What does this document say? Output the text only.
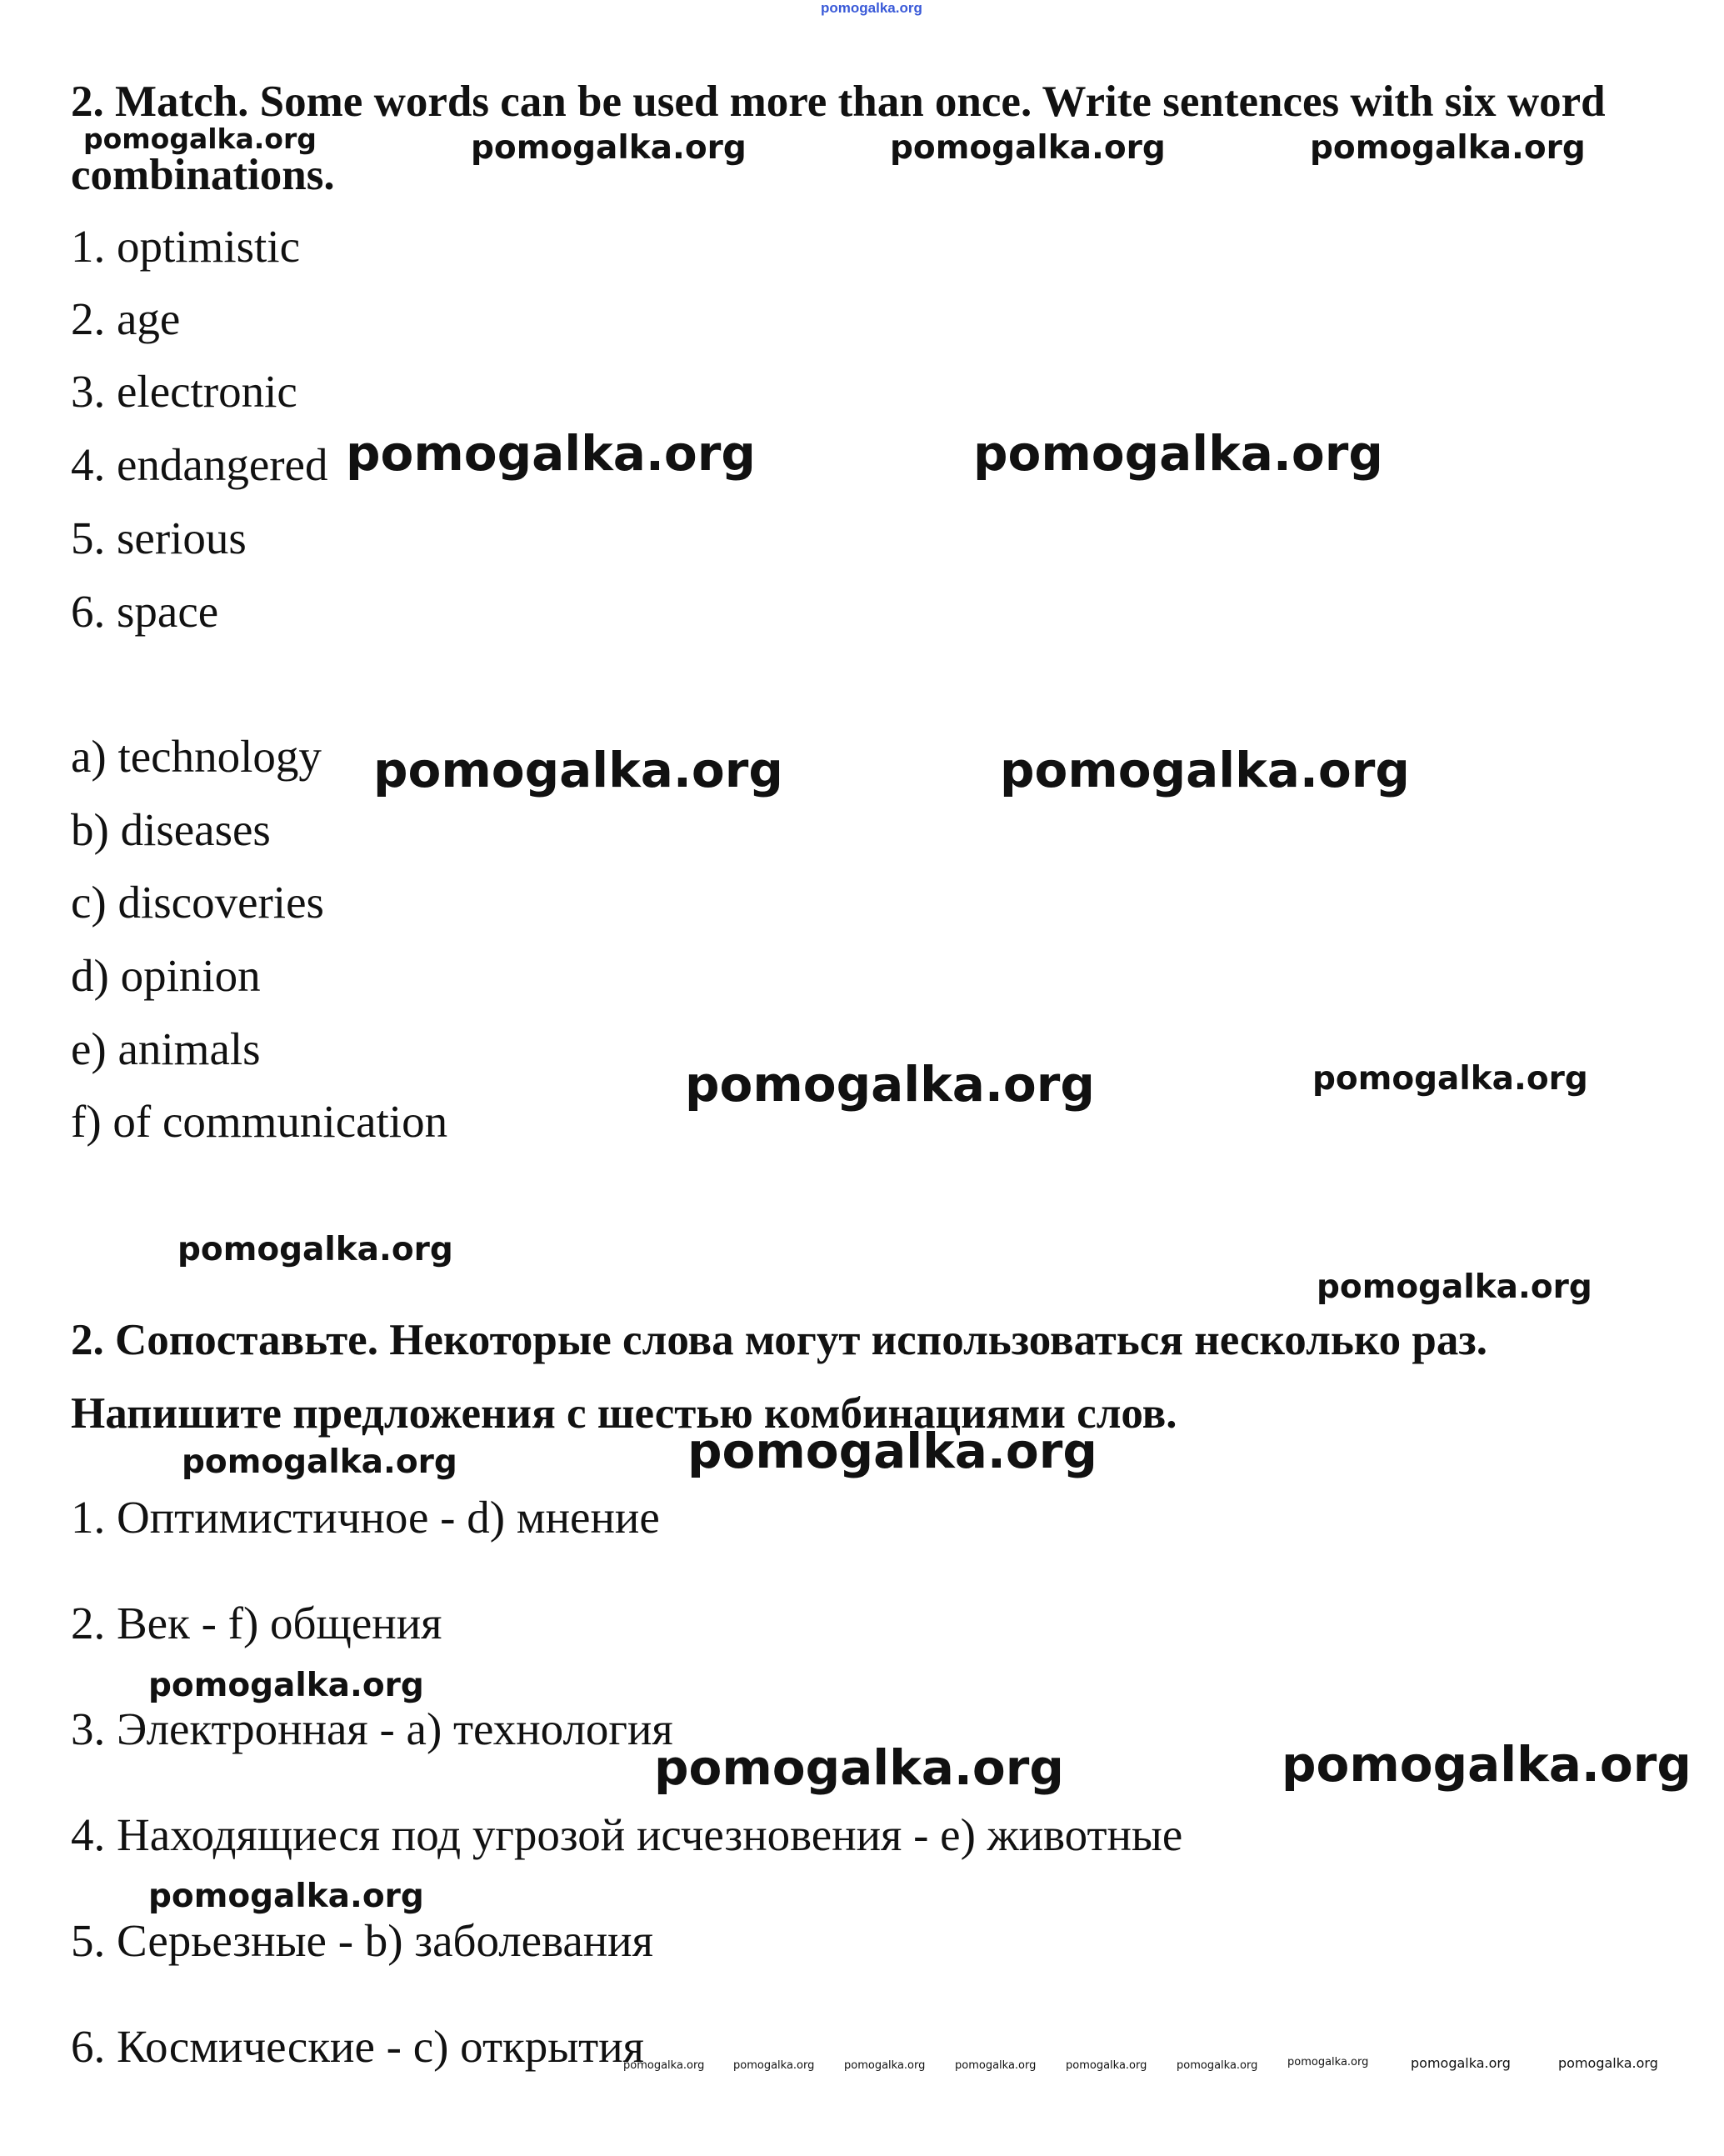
pomogalka.org

2. Match. Some words can be used more than once. Write sentences with six word combinations.

1. optimistic
2. age
3. electronic
4. endangered
5. serious
6. space
a) technology
b) diseases
c) discoveries
d) opinion
e) animals
f) of communication

2. Сопоставьте. Некоторые слова могут использоваться несколько раз. Напишите предложения с шестью комбинациями слов.

1. Оптимистичное - d) мнение
2. Век - f) общения
3. Электронная - a) технология
4. Находящиеся под угрозой исчезновения - e) животные
5. Серьезные - b) заболевания
6. Космические - c) открытия
pomogalka.org	pomogalka.org	pomogalka.org	pomogalka.org
pomogalka.org
pomogalka.org
pomogalka.org
pomogalka.org
pomogalka.org
pomogalka.org
pomogalka.org	pomogalka.org
pomogalka.org	pomogalka.org
pomogalka.org
pomogalka.org
pomogalka.org	pomogalka.org
pomogalka.org	pomogalka.org	pomogalka.org	pomogalka.org	pomogalka.org	pomogalka.org	pomogalka.org	pomogalka.org	pomogalka.org
